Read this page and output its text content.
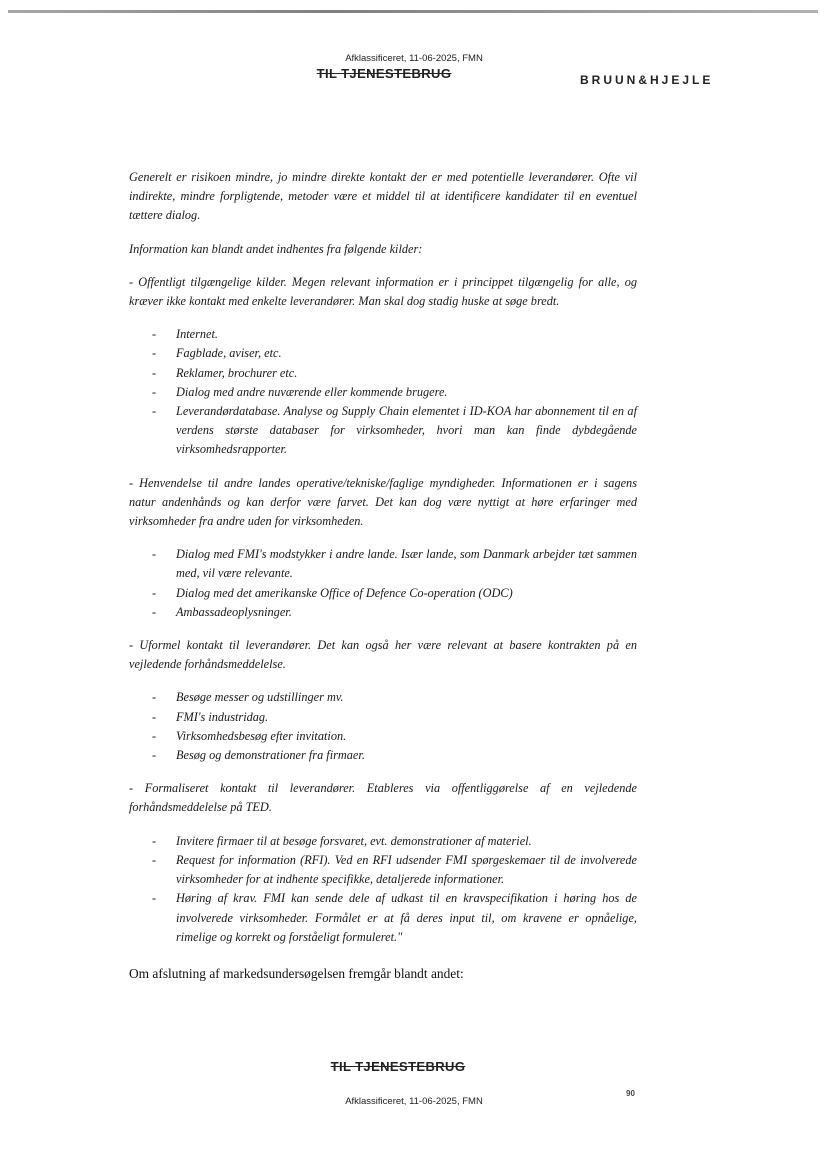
Afklassificeret, 11-06-2025, FMN
TIL TJENESTEBRUG	BRUUN&HJEJLE

Generelt er risikoen mindre, jo mindre direkte kontakt der er med potentielle leverandører. Ofte vil indirekte, mindre forpligtende, metoder være et middel til at identificere kandidater til en eventuel tættere dialog.

Information kan blandt andet indhentes fra følgende kilder:

- Offentligt tilgængelige kilder. Megen relevant information er i princippet tilgængelig for alle, og kræver ikke kontakt med enkelte leverandører. Man skal dog stadig huske at søge bredt.

- Internet.
- Fagblade, aviser, etc.
- Reklamer, brochurer etc.
- Dialog med andre nuværende eller kommende brugere.
- Leverandørdatabase. Analyse og Supply Chain elementet i ID-KOA har abonnement til en af verdens største databaser for virksomheder, hvori man kan finde dybdegående virksomhedsrapporter.

- Henvendelse til andre landes operative/tekniske/faglige myndigheder. Informationen er i sagens natur andenhånds og kan derfor være farvet. Det kan dog være nyttigt at høre erfaringer med virksomheder fra andre uden for virksomheden.

- Dialog med FMI's modstykker i andre lande. Især lande, som Danmark arbejder tæt sammen med, vil være relevante.
- Dialog med det amerikanske Office of Defence Co-operation (ODC)
- Ambassadeoplysninger.

- Uformel kontakt til leverandører. Det kan også her være relevant at basere kontrakten på en vejledende forhåndsmeddelelse.

- Besøge messer og udstillinger mv.
- FMI's industridag.
- Virksomhedsbesøg efter invitation.
- Besøg og demonstrationer fra firmaer.

- Formaliseret kontakt til leverandører. Etableres via offentliggørelse af en vejledende forhåndsmeddelelse på TED.

- Invitere firmaer til at besøge forsvaret, evt. demonstrationer af materiel.
- Request for information (RFI). Ved en RFI udsender FMI spørgeskemaer til de involverede virksomheder for at indhente specifikke, detaljerede informationer.
- Høring af krav. FMI kan sende dele af udkast til en kravspecifikation i høring hos de involverede virksomheder. Formålet er at få deres input til, om kravene er opnåelige, rimelige og korrekt og forståeligt formuleret."
Om afslutning af markedsundersøgelsen fremgår blandt andet:
TIL TJENESTEBRUG
90
Afklassificeret, 11-06-2025, FMN
